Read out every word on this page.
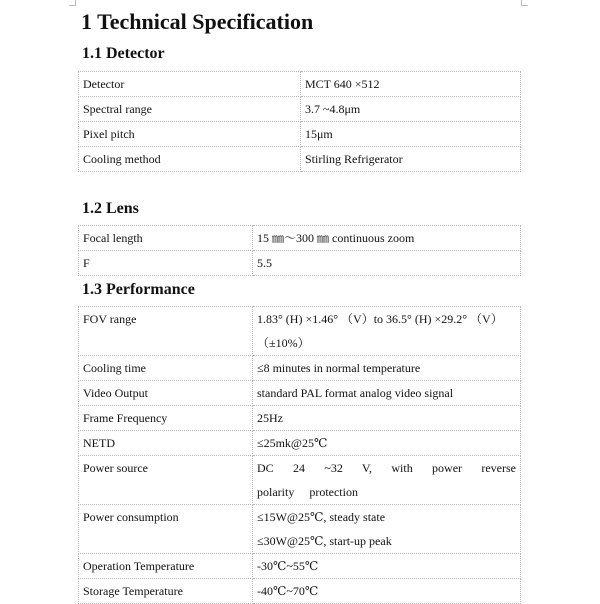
1 Technical Specification
1.1 Detector
Detector	MCT 640 ×512
Spectral range	3.7 ~4.8μm
Pixel pitch	15μm
Cooling method	Stirling Refrigerator
1.2 Lens
Focal length	15 ㎜～300 ㎜ continuous zoom
F	5.5
1.3 Performance
FOV range	1.83° (H) ×1.46° （V）to 36.5° (H) ×29.2° （V）
（±10%）

Cooling time	≤8 minutes in normal temperature
Video Output	standard PAL format analog video signal
Frame Frequency	25Hz
NETD	≤25mk@25℃
Power source	DC 24 ~32 V, with power reverse polarity protection
Power consumption	≤15W@25℃, steady state
≤30W@25℃, start-up peak

Operation Temperature	-30℃~55℃
Storage Temperature	-40℃~70℃
